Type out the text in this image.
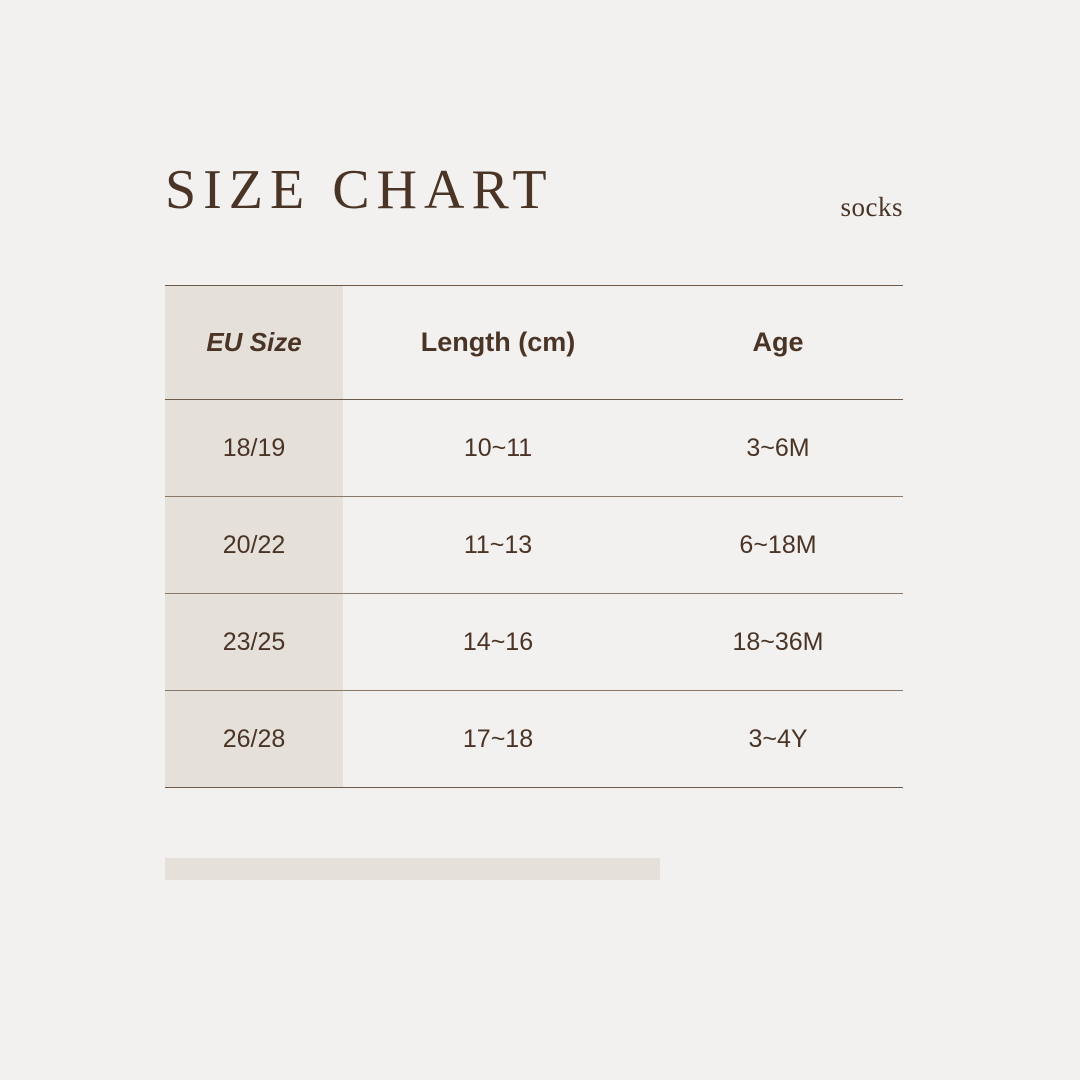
SIZE CHART	socks
EU Size	Length (cm)	Age
18/19	10~11	3~6M
20/22	11~13	6~18M
23/25	14~16	18~36M
26/28	17~18	3~4Y
